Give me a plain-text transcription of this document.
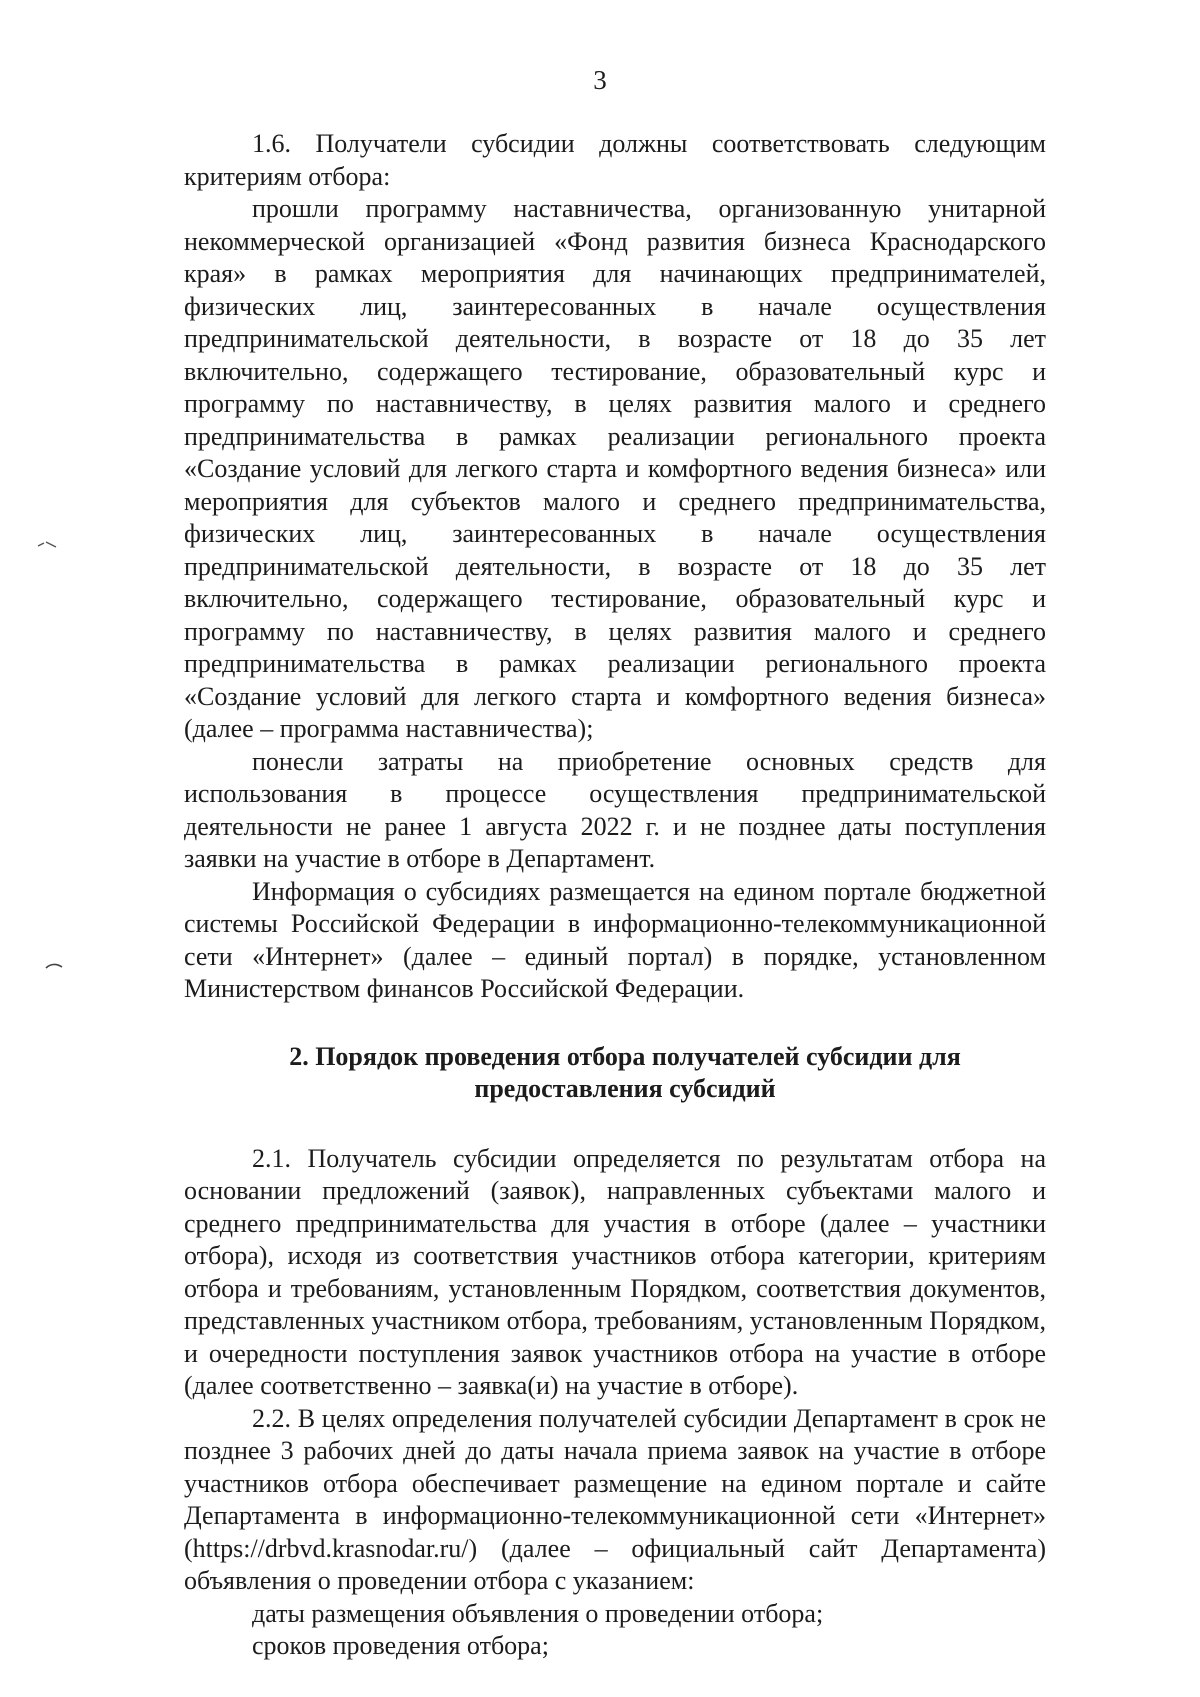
3

1.6. Получатели субсидии должны соответствовать следующим критериям отбора:

прошли программу наставничества, организованную унитарной некоммерческой организацией «Фонд развития бизнеса Краснодарского края» в рамках мероприятия для начинающих предпринимателей, физических лиц, заинтересованных в начале осуществления предпринимательской деятельности, в возрасте от 18 до 35 лет включительно, содержащего тестирование, образовательный курс и программу по наставничеству, в целях развития малого и среднего предпринимательства в рамках реализации регионального проекта «Создание условий для легкого старта и комфортного ведения бизнеса» или мероприятия для субъектов малого и среднего предпринимательства, физических лиц, заинтересованных в начале осуществления предпринимательской деятельности, в возрасте от 18 до 35 лет включительно, содержащего тестирование, образовательный курс и программу по наставничеству, в целях развития малого и среднего предпринимательства в рамках реализации регионального проекта «Создание условий для легкого старта и комфортного ведения бизнеса» (далее – программа наставничества);

понесли затраты на приобретение основных средств для использования в процессе осуществления предпринимательской деятельности не ранее 1 августа 2022 г. и не позднее даты поступления заявки на участие в отборе в Департамент.

Информация о субсидиях размещается на едином портале бюджетной системы Российской Федерации в информационно-телекоммуникационной сети «Интернет» (далее – единый портал) в порядке, установленном Министерством финансов Российской Федерации.

2. Порядок проведения отбора получателей субсидии для
предоставления субсидий

2.1. Получатель субсидии определяется по результатам отбора на основании предложений (заявок), направленных субъектами малого и среднего предпринимательства для участия в отборе (далее – участники отбора), исходя из соответствия участников отбора категории, критериям отбора и требованиям, установленным Порядком, соответствия документов, представленных участником отбора, требованиям, установленным Порядком, и очередности поступления заявок участников отбора на участие в отборе (далее соответственно – заявка(и) на участие в отборе).

2.2. В целях определения получателей субсидии Департамент в срок не позднее 3 рабочих дней до даты начала приема заявок на участие в отборе участников отбора обеспечивает размещение на едином портале и сайте Департамента в информационно-телекоммуникационной сети «Интернет» (https://drbvd.krasnodar.ru/) (далее – официальный сайт Департамента) объявления о проведении отбора с указанием:

даты размещения объявления о проведении отбора;

сроков проведения отбора;
